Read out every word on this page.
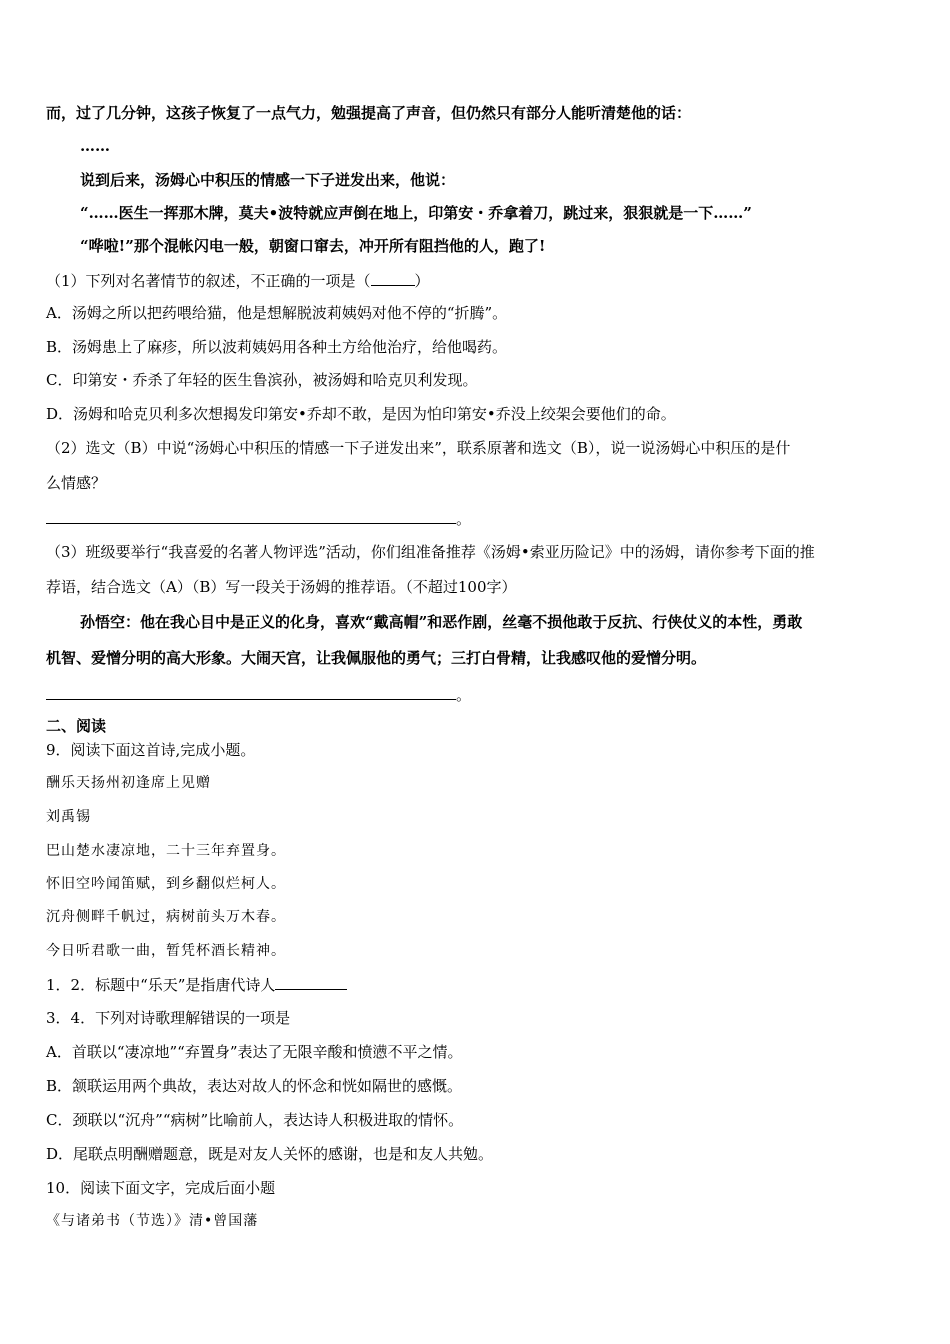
而，过了几分钟，这孩子恢复了一点气力，勉强提高了声音，但仍然只有部分人能听清楚他的话：
……
说到后来，汤姆心中积压的情感一下子迸发出来，他说：
“……医生一挥那木牌，莫夫•波特就应声倒在地上，印第安・乔拿着刀，跳过来，狠狠就是一下……”
“哗啦!”那个混帐闪电一般，朝窗口窜去，冲开所有阻挡他的人，跑了!
（1）下列对名著情节的叙述，不正确的一项是（	）
A．汤姆之所以把药喂给猫，他是想解脱波莉姨妈对他不停的“折腾”。
B．汤姆患上了麻疹，所以波莉姨妈用各种土方给他治疗，给他喝药。
C．印第安・乔杀了年轻的医生鲁滨孙，被汤姆和哈克贝利发现。
D．汤姆和哈克贝利多次想揭发印第安•乔却不敢，是因为怕印第安•乔没上绞架会要他们的命。
（2）选文（B）中说“汤姆心中积压的情感一下子迸发出来”，联系原著和选文（B），说一说汤姆心中积压的是什
么情感？
。
（3）班级要举行“我喜爱的名著人物评选”活动，你们组准备推荐《汤姆•索亚历险记》中的汤姆，请你参考下面的推
荐语，结合选文（A）（B）写一段关于汤姆的推荐语。（不超过100字）
孙悟空：他在我心目中是正义的化身，喜欢“戴高帽”和恶作剧，丝毫不损他敢于反抗、行侠仗义的本性，勇敢
机智、爱憎分明的高大形象。大闹天宫，让我佩服他的勇气；三打白骨精，让我感叹他的爱憎分明。
。
二、阅读
9．阅读下面这首诗,完成小题。
酬乐天扬州初逢席上见赠
刘禹锡
巴山楚水凄凉地，二十三年弃置身。
怀旧空吟闻笛赋，到乡翻似烂柯人。
沉舟侧畔千帆过，病树前头万木春。
今日听君歌一曲，暂凭杯酒长精神。
1．2．标题中“乐天”是指唐代诗人
3．4．下列对诗歌理解错误的一项是
A．首联以“凄凉地”“弃置身”表达了无限辛酸和愤懑不平之情。
B．颔联运用两个典故，表达对故人的怀念和恍如隔世的感慨。
C．颈联以“沉舟”“病树”比喻前人，表达诗人积极进取的情怀。
D．尾联点明酬赠题意，既是对友人关怀的感谢，也是和友人共勉。
10．阅读下面文字，完成后面小题
《与诸弟书（节选）》清•曾国藩
